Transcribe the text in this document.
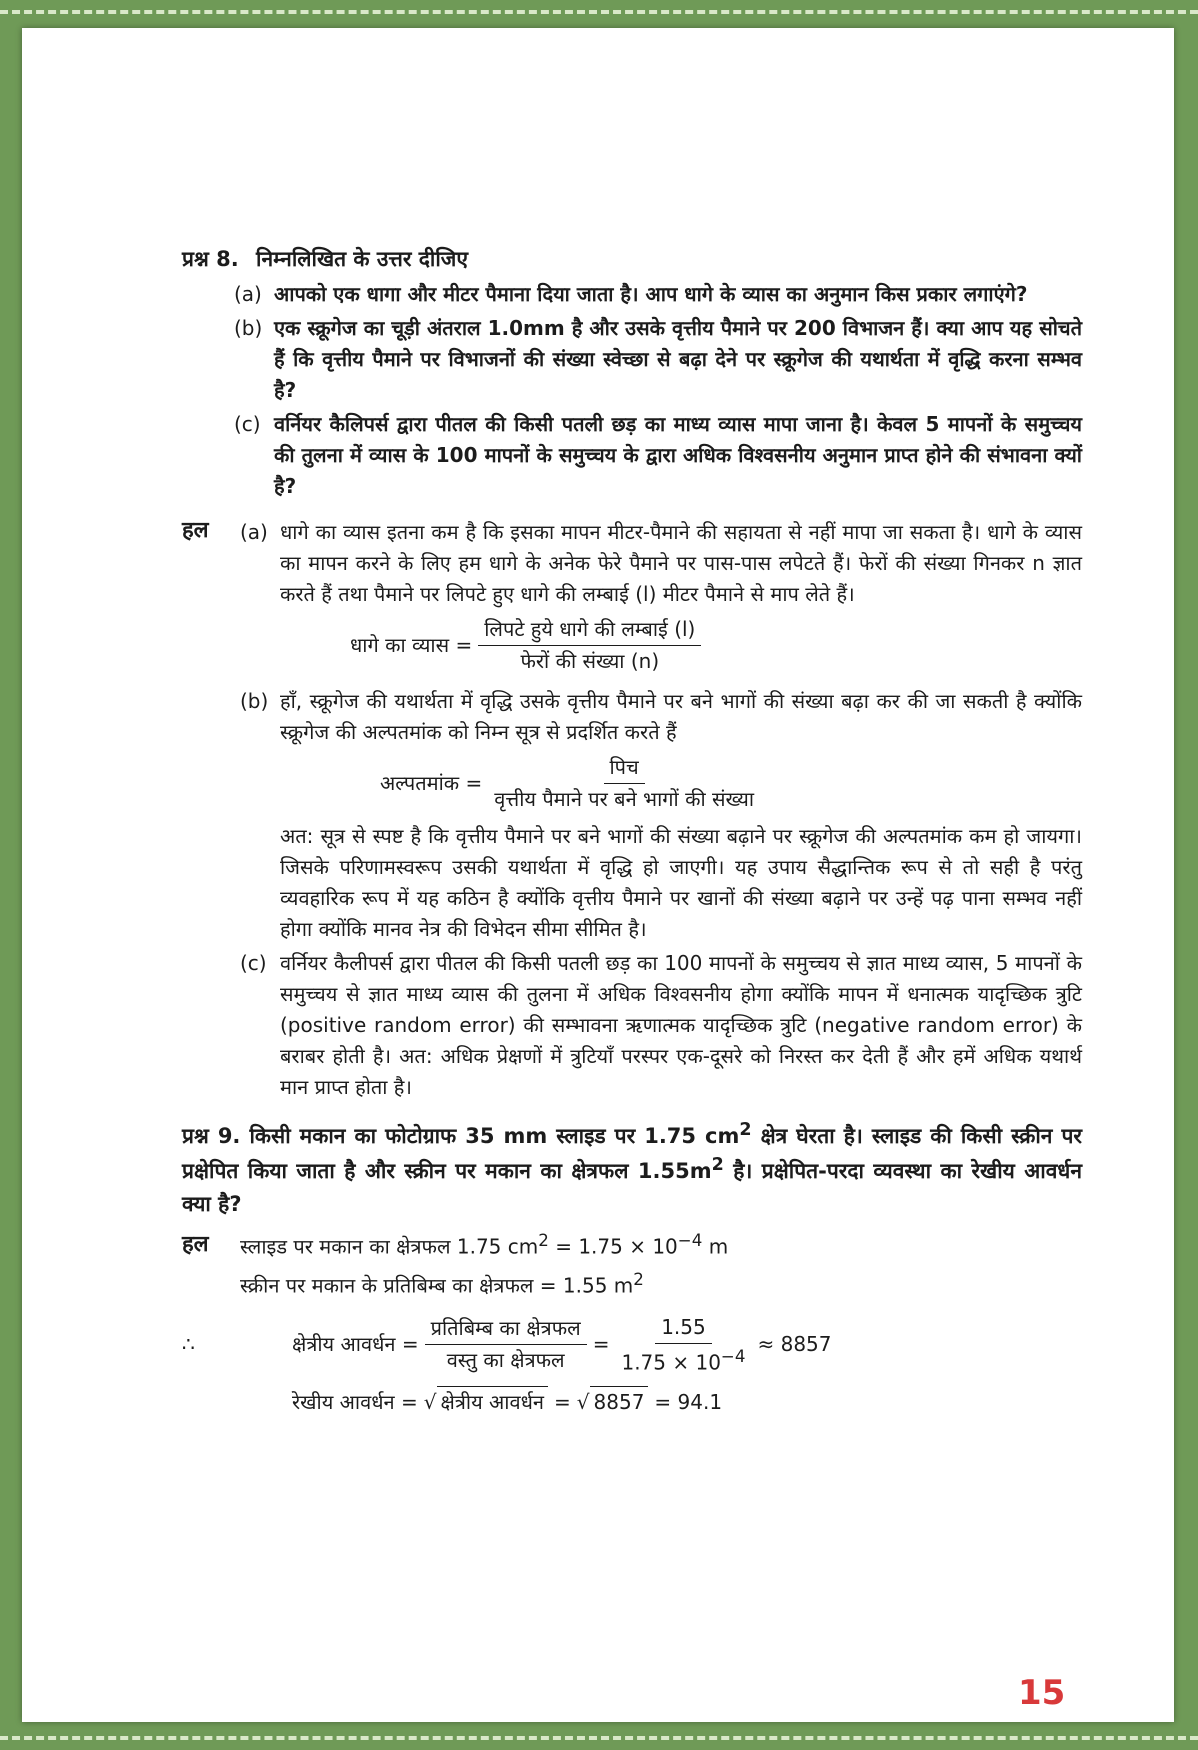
प्रश्न 8. निम्नलिखित के उत्तर दीजिए
(a) आपको एक धागा और मीटर पैमाना दिया जाता है। आप धागे के व्यास का अनुमान किस प्रकार लगाएंगे?
(b) एक स्क्रूगेज का चूड़ी अंतराल 1.0mm है और उसके वृत्तीय पैमाने पर 200 विभाजन हैं। क्या आप यह सोचते हैं कि वृत्तीय पैमाने पर विभाजनों की संख्या स्वेच्छा से बढ़ा देने पर स्क्रूगेज की यथार्थता में वृद्धि करना सम्भव है?
(c) वर्नियर कैलिपर्स द्वारा पीतल की किसी पतली छड़ का माध्य व्यास मापा जाना है। केवल 5 मापनों के समुच्चय की तुलना में व्यास के 100 मापनों के समुच्चय के द्वारा अधिक विश्वसनीय अनुमान प्राप्त होने की संभावना क्यों है?
हल	(a) धागे का व्यास इतना कम है कि इसका मापन मीटर-पैमाने की सहायता से नहीं मापा जा सकता है। धागे के व्यास का मापन करने के लिए हम धागे के अनेक फेरे पैमाने पर पास-पास लपेटते हैं। फेरों की संख्या गिनकर n ज्ञात करते हैं तथा पैमाने पर लिपटे हुए धागे की लम्बाई (l) मीटर पैमाने से माप लेते हैं।
धागे का व्यास = $\frac{\text{लिपटे हुये धागे की लम्बाई (l)}}{\text{फेरों की संख्या (n)}}$
(b) हाँ, स्क्रूगेज की यथार्थता में वृद्धि उसके वृत्तीय पैमाने पर बने भागों की संख्या बढ़ा कर की जा सकती है क्योंकि स्क्रूगेज की अल्पतमांक को निम्न सूत्र से प्रदर्शित करते हैं
अल्पतमांक = $\frac{\text{पिच}}{\text{वृत्तीय पैमाने पर बने भागों की संख्या}}$
अत: सूत्र से स्पष्ट है कि वृत्तीय पैमाने पर बने भागों की संख्या बढ़ाने पर स्क्रूगेज की अल्पतमांक कम हो जायगा। जिसके परिणामस्वरूप उसकी यथार्थता में वृद्धि हो जाएगी। यह उपाय सैद्धान्तिक रूप से तो सही है परंतु व्यवहारिक रूप में यह कठिन है क्योंकि वृत्तीय पैमाने पर खानों की संख्या बढ़ाने पर उन्हें पढ़ पाना सम्भव नहीं होगा क्योंकि मानव नेत्र की विभेदन सीमा सीमित है।
(c) वर्नियर कैलीपर्स द्वारा पीतल की किसी पतली छड़ का 100 मापनों के समुच्चय से ज्ञात माध्य व्यास, 5 मापनों के समुच्चय से ज्ञात माध्य व्यास की तुलना में अधिक विश्वसनीय होगा क्योंकि मापन में धनात्मक यादृच्छिक त्रुटि (positive random error) की सम्भावना ऋणात्मक यादृच्छिक त्रुटि (negative random error) के बराबर होती है। अत: अधिक प्रेक्षणों में त्रुटियाँ परस्पर एक-दूसरे को निरस्त कर देती हैं और हमें अधिक यथार्थ मान प्राप्त होता है।
प्रश्न 9. किसी मकान का फोटोग्राफ 35 mm स्लाइड पर 1.75 $cm^2$ क्षेत्र घेरता है। स्लाइड की किसी स्क्रीन पर प्रक्षेपित किया जाता है और स्क्रीन पर मकान का क्षेत्रफल $1.55m^2$ है। प्रक्षेपित-परदा व्यवस्था का रेखीय आवर्धन क्या है?
हल	स्लाइड पर मकान का क्षेत्रफल 1.75 $cm^2 = 1.75 \times 10^{-4}$ m
स्क्रीन पर मकान के प्रतिबिम्ब का क्षेत्रफल = 1.55 $m^2$
∴	क्षेत्रीय आवर्धन = $\frac{\text{प्रतिबिम्ब का क्षेत्रफल}}{\text{वस्तु का क्षेत्रफल}} = \frac{1.55}{1.75 \times 10^{-4}} \approx 8857$
रेखीय आवर्धन = √ क्षेत्रीय आवर्धन = √ 8857 = 94.1
15
